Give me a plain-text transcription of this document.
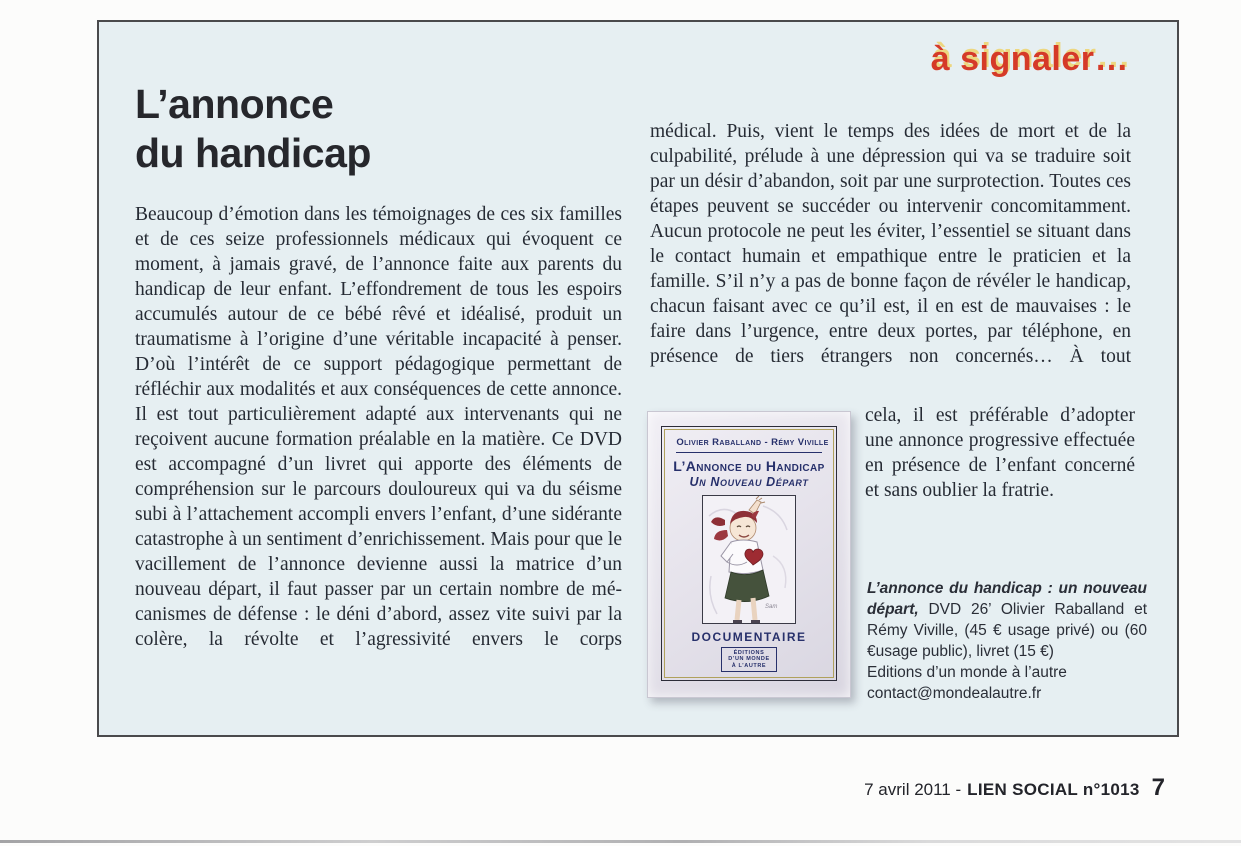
à signaler…
L’annonce
du handicap
Beaucoup d’émotion dans les témoignages de ces six familles et de ces seize professionnels médicaux qui évoquent ce moment, à jamais gravé, de l’annonce faite aux parents du handicap de leur enfant. L’effondrement de tous les espoirs accumulés autour de ce bébé rêvé et idéalisé, produit un traumatisme à l’origine d’une véritable incapacité à penser. D’où l’intérêt de ce support pédagogique permettant de réfléchir aux modalités et aux conséquences de cette annonce. Il est tout particulièrement adapté aux intervenants qui ne reçoivent aucune formation préalable en la matière. Ce DVD est accompagné d’un livret qui apporte des éléments de compréhension sur le parcours douloureux qui va du séisme subi à l’attachement accompli envers l’enfant, d’une sidérante catastrophe à un sentiment d’enrichissement. Mais pour que le vacillement de l’annonce devienne aussi la matrice d’un nouveau départ, il faut passer par un certain nombre de mécanismes de défense : le déni d’abord, assez vite suivi par la colère, la révolte et l’agressivité envers le corps
médical. Puis, vient le temps des idées de mort et de la culpabilité, prélude à une dépression qui va se traduire soit par un désir d’abandon, soit par une surprotection. Toutes ces étapes peuvent se succéder ou intervenir concomitamment. Aucun protocole ne peut les éviter, l’essentiel se situant dans le contact humain et empathique entre le praticien et la famille. S’il n’y a pas de bonne façon de révéler le handicap, chacun faisant avec ce qu’il est, il en est de mauvaises : le faire dans l’urgence, entre deux portes, par téléphone, en présence de tiers étrangers non concernés… À tout
cela, il est préférable d’adopter une annonce progressive effectuée en présence de l’enfant concerné et sans oublier la fratrie.
Olivier Raballand - Rémy Viville
L’Annonce du Handicap
Un Nouveau Départ
Sam
DOCUMENTAIRE
ÉDITIONS
D’UN MONDE
À L’AUTRE
L’annonce du handicap : un nouveau départ, DVD 26’ Olivier Raballand et Rémy Viville, (45 € usage privé) ou (60 €usage public), livret (15 €)
Editions d’un monde à l’autre
contact@mondealautre.fr
7 avril 2011 - LIEN SOCIAL n°1013 7
